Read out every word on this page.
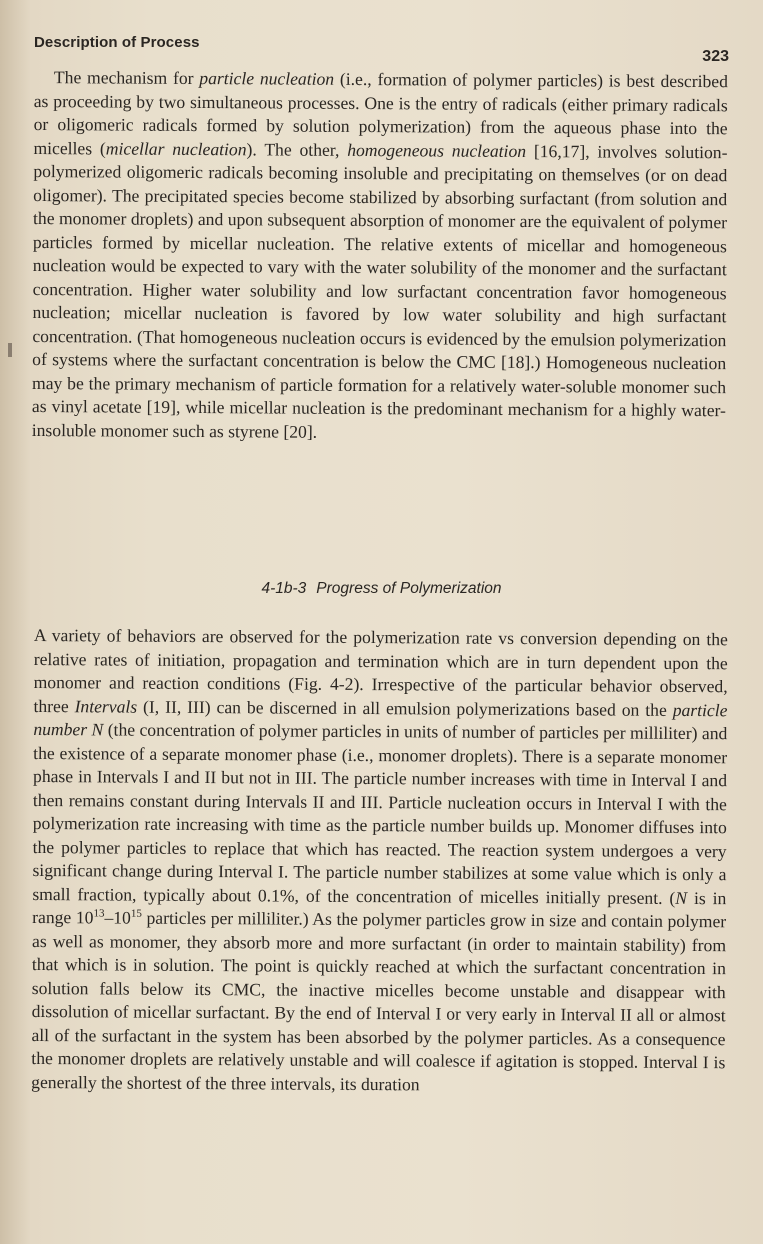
Description of Process
323

The mechanism for particle nucleation (i.e., formation of polymer particles) is best described as proceeding by two simultaneous processes. One is the entry of radicals (either primary radicals or oligomeric radicals formed by solution polymerization) from the aqueous phase into the micelles (micellar nucleation). The other, homogeneous nucleation [16,17], involves solution-polymerized oligomeric radicals becoming insoluble and precipitating on themselves (or on dead oligomer). The precipitated species become stabilized by absorbing surfactant (from solution and the monomer droplets) and upon subsequent absorption of monomer are the equivalent of polymer particles formed by micellar nucleation. The relative extents of micellar and homogeneous nucleation would be expected to vary with the water solubility of the monomer and the surfactant concentration. Higher water solubility and low surfactant concentration favor homogeneous nucleation; micellar nucleation is favored by low water solubility and high surfactant concentration. (That homogeneous nucleation occurs is evidenced by the emulsion polymerization of systems where the surfactant concentration is below the CMC [18].) Homogeneous nucleation may be the primary mechanism of particle formation for a relatively water-soluble monomer such as vinyl acetate [19], while micellar nucleation is the predominant mechanism for a highly water-insoluble monomer such as styrene [20].

4-1b-3 Progress of Polymerization

A variety of behaviors are observed for the polymerization rate vs conversion depending on the relative rates of initiation, propagation and termination which are in turn dependent upon the monomer and reaction conditions (Fig. 4-2). Irrespective of the particular behavior observed, three Intervals (I, II, III) can be discerned in all emulsion polymerizations based on the particle number N (the concentration of polymer particles in units of number of particles per milliliter) and the existence of a separate monomer phase (i.e., monomer droplets). There is a separate monomer phase in Intervals I and II but not in III. The particle number increases with time in Interval I and then remains constant during Intervals II and III. Particle nucleation occurs in Interval I with the polymerization rate increasing with time as the particle number builds up. Monomer diffuses into the polymer particles to replace that which has reacted. The reaction system undergoes a very significant change during Interval I. The particle number stabilizes at some value which is only a small fraction, typically about 0.1%, of the concentration of micelles initially present. (N is in range $10^{13}-10^{15}$ particles per milliliter.) As the polymer particles grow in size and contain polymer as well as monomer, they absorb more and more surfactant (in order to maintain stability) from that which is in solution. The point is quickly reached at which the surfactant concentration in solution falls below its CMC, the inactive micelles become unstable and disappear with dissolution of micellar surfactant. By the end of Interval I or very early in Interval II all or almost all of the surfactant in the system has been absorbed by the polymer particles. As a consequence the monomer droplets are relatively unstable and will coalesce if agitation is stopped. Interval I is generally the shortest of the three intervals, its duration
